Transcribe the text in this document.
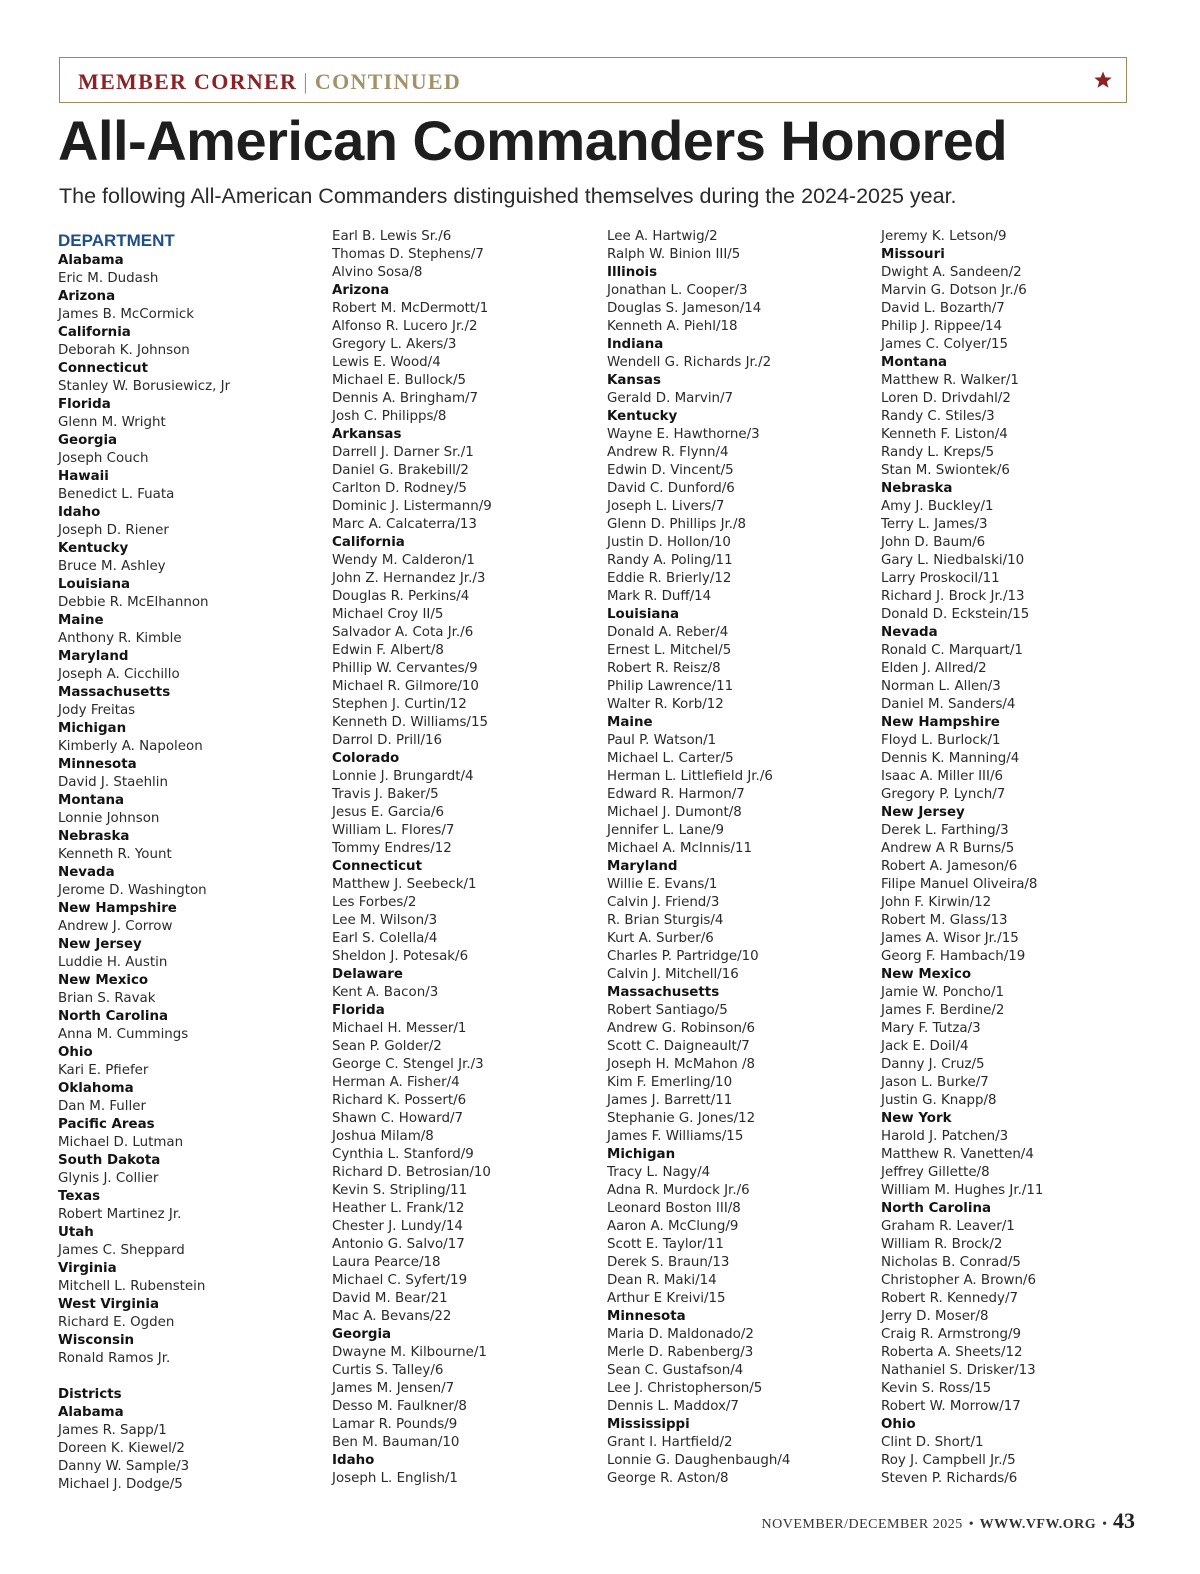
MEMBER CORNER | CONTINUED
All-American Commanders Honored

The following All-American Commanders distinguished themselves during the 2024-2025 year.

DEPARTMENT
Alabama
Eric M. Dudash
Arizona
James B. McCormick
California
Deborah K. Johnson
Connecticut
Stanley W. Borusiewicz, Jr
Florida
Glenn M. Wright
Georgia
Joseph Couch
Hawaii
Benedict L. Fuata
Idaho
Joseph D. Riener
Kentucky
Bruce M. Ashley
Louisiana
Debbie R. McElhannon
Maine
Anthony R. Kimble
Maryland
Joseph A. Cicchillo
Massachusetts
Jody Freitas
Michigan
Kimberly A. Napoleon
Minnesota
David J. Staehlin
Montana
Lonnie Johnson
Nebraska
Kenneth R. Yount
Nevada
Jerome D. Washington
New Hampshire
Andrew J. Corrow
New Jersey
Luddie H. Austin
New Mexico
Brian S. Ravak
North Carolina
Anna M. Cummings
Ohio
Kari E. Pfiefer
Oklahoma
Dan M. Fuller
Pacific Areas
Michael D. Lutman
South Dakota
Glynis J. Collier
Texas
Robert Martinez Jr.
Utah
James C. Sheppard
Virginia
Mitchell L. Rubenstein
West Virginia
Richard E. Ogden
Wisconsin
Ronald Ramos Jr.
Districts
Alabama
James R. Sapp/1
Doreen K. Kiewel/2
Danny W. Sample/3
Michael J. Dodge/5
Earl B. Lewis Sr./6
Thomas D. Stephens/7
Alvino Sosa/8
Arizona
Robert M. McDermott/1
Alfonso R. Lucero Jr./2
Gregory L. Akers/3
Lewis E. Wood/4
Michael E. Bullock/5
Dennis A. Bringham/7
Josh C. Philipps/8
Arkansas
Darrell J. Darner Sr./1
Daniel G. Brakebill/2
Carlton D. Rodney/5
Dominic J. Listermann/9
Marc A. Calcaterra/13
California
Wendy M. Calderon/1
John Z. Hernandez Jr./3
Douglas R. Perkins/4
Michael Croy II/5
Salvador A. Cota Jr./6
Edwin F. Albert/8
Phillip W. Cervantes/9
Michael R. Gilmore/10
Stephen J. Curtin/12
Kenneth D. Williams/15
Darrol D. Prill/16
Colorado
Lonnie J. Brungardt/4
Travis J. Baker/5
Jesus E. Garcia/6
William L. Flores/7
Tommy Endres/12
Connecticut
Matthew J. Seebeck/1
Les Forbes/2
Lee M. Wilson/3
Earl S. Colella/4
Sheldon J. Potesak/6
Delaware
Kent A. Bacon/3
Florida
Michael H. Messer/1
Sean P. Golder/2
George C. Stengel Jr./3
Herman A. Fisher/4
Richard K. Possert/6
Shawn C. Howard/7
Joshua Milam/8
Cynthia L. Stanford/9
Richard D. Betrosian/10
Kevin S. Stripling/11
Heather L. Frank/12
Chester J. Lundy/14
Antonio G. Salvo/17
Laura Pearce/18
Michael C. Syfert/19
David M. Bear/21
Mac A. Bevans/22
Georgia
Dwayne M. Kilbourne/1
Curtis S. Talley/6
James M. Jensen/7
Desso M. Faulkner/8
Lamar R. Pounds/9
Ben M. Bauman/10
Idaho
Joseph L. English/1
Lee A. Hartwig/2
Ralph W. Binion III/5
Illinois
Jonathan L. Cooper/3
Douglas S. Jameson/14
Kenneth A. Piehl/18
Indiana
Wendell G. Richards Jr./2
Kansas
Gerald D. Marvin/7
Kentucky
Wayne E. Hawthorne/3
Andrew R. Flynn/4
Edwin D. Vincent/5
David C. Dunford/6
Joseph L. Livers/7
Glenn D. Phillips Jr./8
Justin D. Hollon/10
Randy A. Poling/11
Eddie R. Brierly/12
Mark R. Duff/14
Louisiana
Donald A. Reber/4
Ernest L. Mitchel/5
Robert R. Reisz/8
Philip Lawrence/11
Walter R. Korb/12
Maine
Paul P. Watson/1
Michael L. Carter/5
Herman L. Littlefield Jr./6
Edward R. Harmon/7
Michael J. Dumont/8
Jennifer L. Lane/9
Michael A. McInnis/11
Maryland
Willie E. Evans/1
Calvin J. Friend/3
R. Brian Sturgis/4
Kurt A. Surber/6
Charles P. Partridge/10
Calvin J. Mitchell/16
Massachusetts
Robert Santiago/5
Andrew G. Robinson/6
Scott C. Daigneault/7
Joseph H. McMahon /8
Kim F. Emerling/10
James J. Barrett/11
Stephanie G. Jones/12
James F. Williams/15
Michigan
Tracy L. Nagy/4
Adna R. Murdock Jr./6
Leonard Boston III/8
Aaron A. McClung/9
Scott E. Taylor/11
Derek S. Braun/13
Dean R. Maki/14
Arthur E Kreivi/15
Minnesota
Maria D. Maldonado/2
Merle D. Rabenberg/3
Sean C. Gustafson/4
Lee J. Christopherson/5
Dennis L. Maddox/7
Mississippi
Grant I. Hartfield/2
Lonnie G. Daughenbaugh/4
George R. Aston/8
Jeremy K. Letson/9
Missouri
Dwight A. Sandeen/2
Marvin G. Dotson Jr./6
David L. Bozarth/7
Philip J. Rippee/14
James C. Colyer/15
Montana
Matthew R. Walker/1
Loren D. Drivdahl/2
Randy C. Stiles/3
Kenneth F. Liston/4
Randy L. Kreps/5
Stan M. Swiontek/6
Nebraska
Amy J. Buckley/1
Terry L. James/3
John D. Baum/6
Gary L. Niedbalski/10
Larry Proskocil/11
Richard J. Brock Jr./13
Donald D. Eckstein/15
Nevada
Ronald C. Marquart/1
Elden J. Allred/2
Norman L. Allen/3
Daniel M. Sanders/4
New Hampshire
Floyd L. Burlock/1
Dennis K. Manning/4
Isaac A. Miller III/6
Gregory P. Lynch/7
New Jersey
Derek L. Farthing/3
Andrew A R Burns/5
Robert A. Jameson/6
Filipe Manuel Oliveira/8
John F. Kirwin/12
Robert M. Glass/13
James A. Wisor Jr./15
Georg F. Hambach/19
New Mexico
Jamie W. Poncho/1
James F. Berdine/2
Mary F. Tutza/3
Jack E. Doil/4
Danny J. Cruz/5
Jason L. Burke/7
Justin G. Knapp/8
New York
Harold J. Patchen/3
Matthew R. Vanetten/4
Jeffrey Gillette/8
William M. Hughes Jr./11
North Carolina
Graham R. Leaver/1
William R. Brock/2
Nicholas B. Conrad/5
Christopher A. Brown/6
Robert R. Kennedy/7
Jerry D. Moser/8
Craig R. Armstrong/9
Roberta A. Sheets/12
Nathaniel S. Drisker/13
Kevin S. Ross/15
Robert W. Morrow/17
Ohio
Clint D. Short/1
Roy J. Campbell Jr./5
Steven P. Richards/6
NOVEMBER/DECEMBER 2025 • WWW.VFW.ORG • 43
